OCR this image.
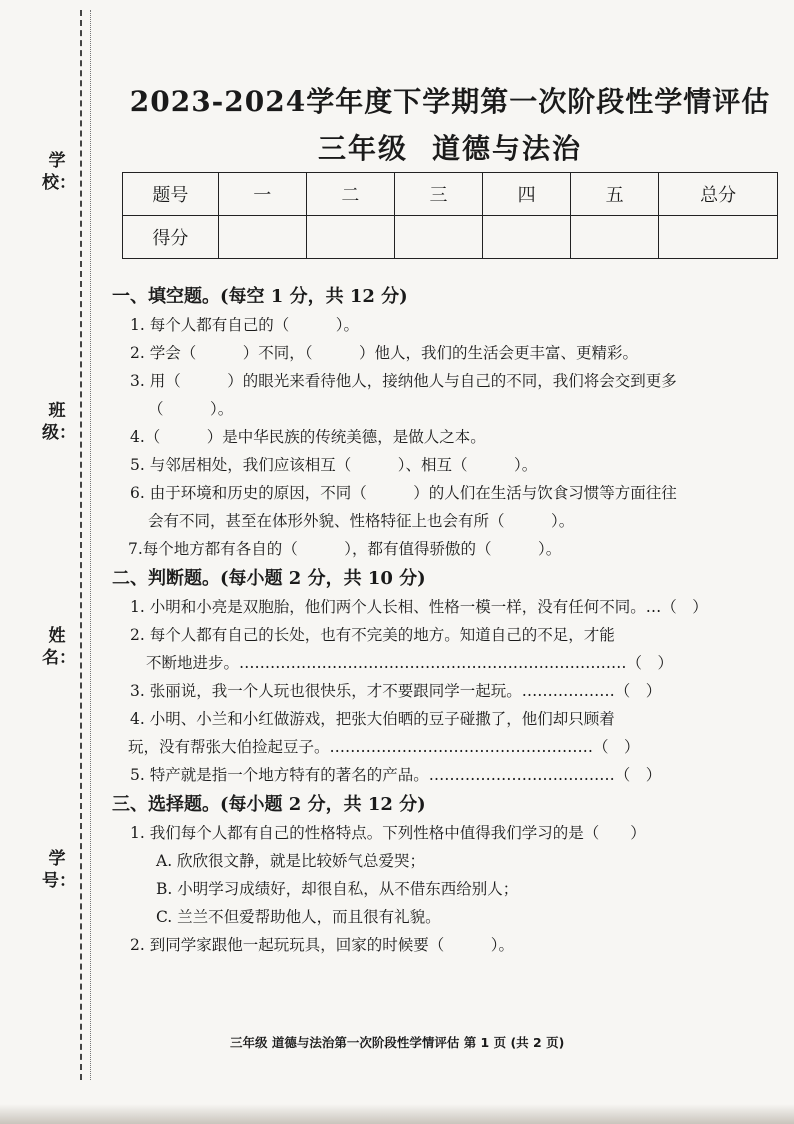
学校：
班级：
姓名：
学号：
2023-2024学年度下学期第一次阶段性学情评估
三年级 道德与法治
题号	一	二	三	四	五	总分
得分						
一、填空题。(每空 1 分，共 12 分)
1. 每个人都有自己的（　　　）。
2. 学会（　　　）不同，（　　　）他人，我们的生活会更丰富、更精彩。
3. 用（　　　）的眼光来看待他人，接纳他人与自己的不同，我们将会交到更多
（　　　）。
4.（　　　）是中华民族的传统美德，是做人之本。
5. 与邻居相处，我们应该相互（　　　）、相互（　　　）。
6. 由于环境和历史的原因，不同（　　　）的人们在生活与饮食习惯等方面往往
会有不同，甚至在体形外貌、性格特征上也会有所（　　　）。
7.每个地方都有各自的（　　　），都有值得骄傲的（　　　）。
二、判断题。(每小题 2 分，共 10 分)
1. 小明和小亮是双胞胎，他们两个人长相、性格一模一样，没有任何不同。…（　）
2. 每个人都有自己的长处，也有不完美的地方。知道自己的不足，才能
不断地进步。…………………………………………………………………（　）
3. 张丽说，我一个人玩也很快乐，才不要跟同学一起玩。………………（　）
4. 小明、小兰和小红做游戏，把张大伯晒的豆子碰撒了，他们却只顾着
玩，没有帮张大伯捡起豆子。……………………………………………（　）
5. 特产就是指一个地方特有的著名的产品。………………………………（　）
三、选择题。(每小题 2 分，共 12 分)
1. 我们每个人都有自己的性格特点。下列性格中值得我们学习的是（　　）
A. 欣欣很文静，就是比较娇气总爱哭；
B. 小明学习成绩好，却很自私，从不借东西给别人；
C. 兰兰不但爱帮助他人，而且很有礼貌。
2. 到同学家跟他一起玩玩具，回家的时候要（　　　）。
三年级 道德与法治第一次阶段性学情评估 第 1 页 (共 2 页)
